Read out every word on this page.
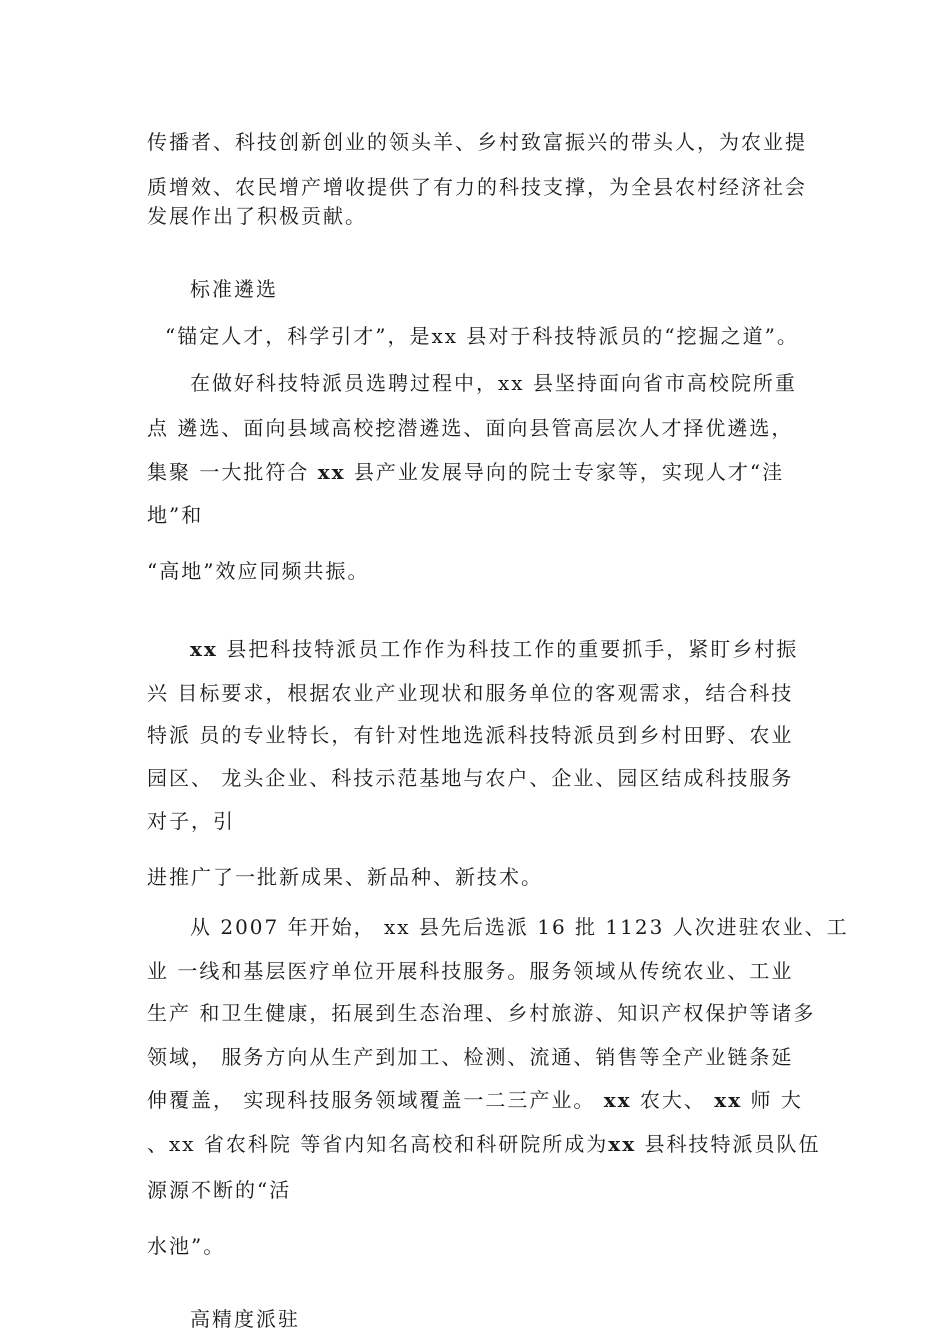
传播者、科技创新创业的领头羊、乡村致富振兴的带头人，为农业提
质增效、农民增产增收提供了有力的科技支撑，为全县农村经济社会
发展作出了积极贡献。
标准遴选
“锚定人才，科学引才”，是xx 县对于科技特派员的“挖掘之道”。
在做好科技特派员选聘过程中，xx 县坚持面向省市高校院所重
点 遴选、面向县域高校挖潜遴选、面向县管高层次人才择优遴选，
集聚 一大批符合 xx 县产业发展导向的院士专家等，实现人才“洼
地”和
“高地”效应同频共振。
xx 县把科技特派员工作作为科技工作的重要抓手，紧盯乡村振
兴 目标要求，根据农业产业现状和服务单位的客观需求，结合科技
特派 员的专业特长，有针对性地选派科技特派员到乡村田野、农业
园区、 龙头企业、科技示范基地与农户、企业、园区结成科技服务
对子，引
进推广了一批新成果、新品种、新技术。
从 2007 年开始， xx 县先后选派 16 批 1123 人次进驻农业、工
业 一线和基层医疗单位开展科技服务。服务领域从传统农业、工业
生产 和卫生健康，拓展到生态治理、乡村旅游、知识产权保护等诸多
领域， 服务方向从生产到加工、检测、流通、销售等全产业链条延
伸覆盖， 实现科技服务领域覆盖一二三产业。 xx 农大、 xx 师 大
、xx 省农科院 等省内知名高校和科研院所成为xx 县科技特派员队伍
源源不断的“活
水池”。
高精度派驻
